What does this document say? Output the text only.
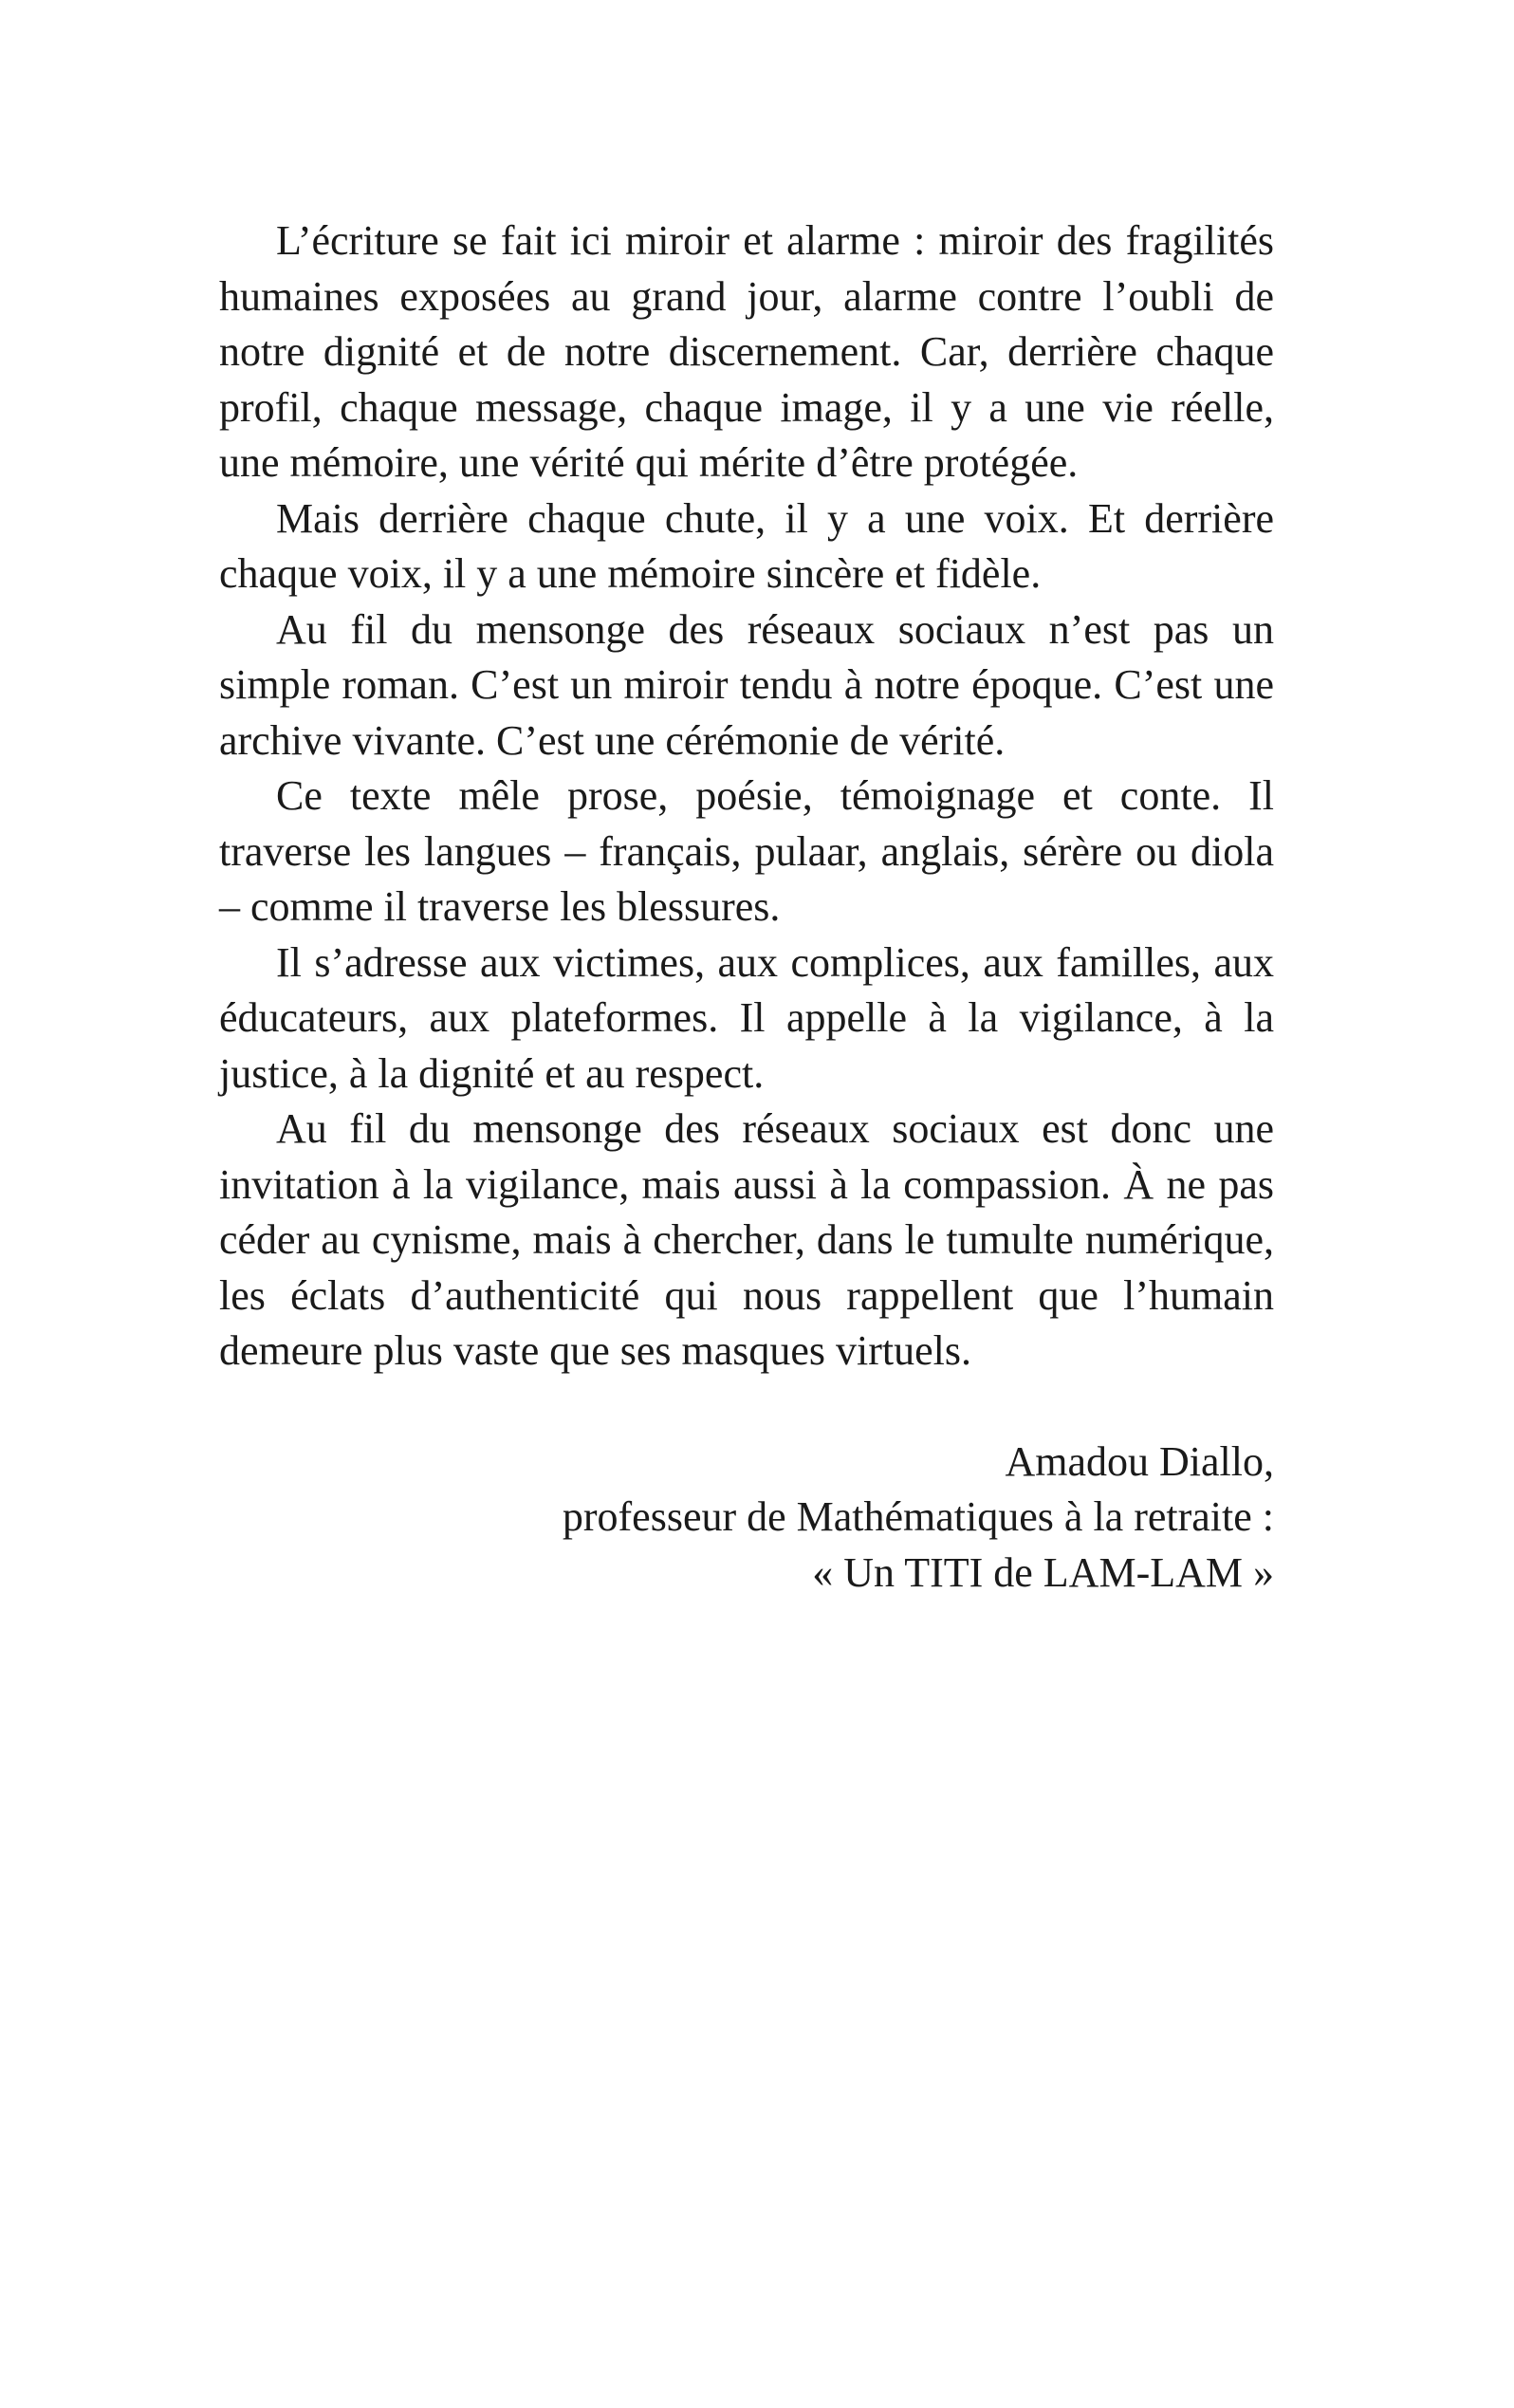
L’écriture se fait ici miroir et alarme : miroir des fragilités humaines exposées au grand jour, alarme contre l’oubli de notre dignité et de notre discernement. Car, derrière chaque profil, chaque message, chaque image, il y a une vie réelle, une mémoire, une vérité qui mérite d’être protégée.

Mais derrière chaque chute, il y a une voix. Et derrière chaque voix, il y a une mémoire sincère et fidèle.

Au fil du mensonge des réseaux sociaux n’est pas un simple roman. C’est un miroir tendu à notre époque. C’est une archive vivante. C’est une cérémonie de vérité.

Ce texte mêle prose, poésie, témoignage et conte. Il traverse les langues – français, pulaar, anglais, sérère ou diola – comme il traverse les blessures.

Il s’adresse aux victimes, aux complices, aux familles, aux éducateurs, aux plateformes. Il appelle à la vigilance, à la justice, à la dignité et au respect.

Au fil du mensonge des réseaux sociaux est donc une invitation à la vigilance, mais aussi à la compassion. À ne pas céder au cynisme, mais à chercher, dans le tumulte numérique, les éclats d’authenticité qui nous rappellent que l’humain demeure plus vaste que ses masques virtuels.

Amadou Diallo,
professeur de Mathématiques à la retraite :
« Un TITI de LAM-LAM »
